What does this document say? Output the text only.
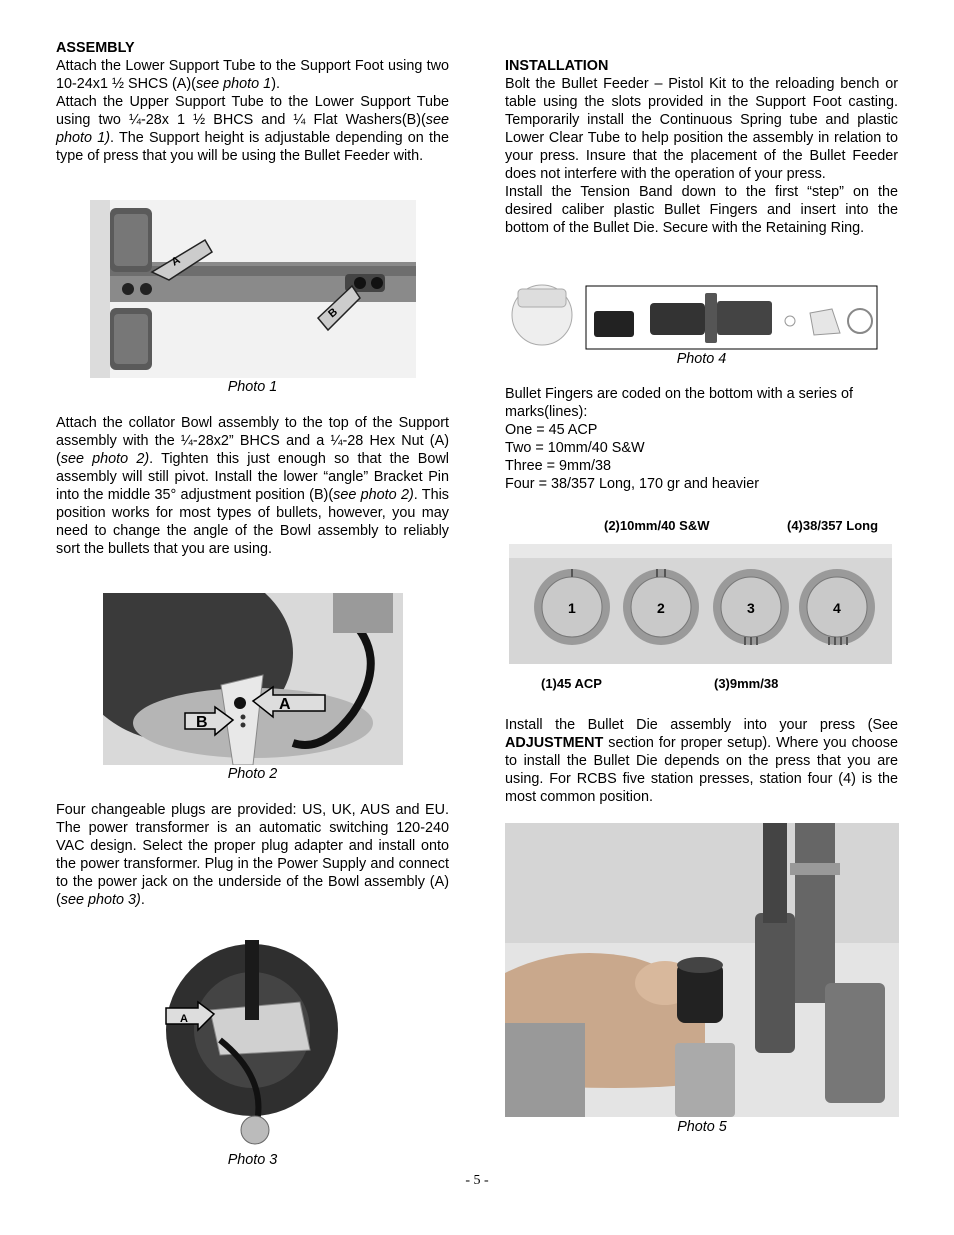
ASSEMBLY

Attach the Lower Support Tube to the Support Foot using two 10-24x1 ½ SHCS (A)(see photo 1).
Attach the Upper Support Tube to the Lower Support Tube using two ¼-28x 1 ½ BHCS and ¼ Flat Washers(B)(see photo 1). The Support height is adjustable depending on the type of press that you will be using the Bullet Feeder with.

A
B
Photo 1

Attach the collator Bowl assembly to the top of the Support assembly with the ¼-28x2” BHCS and a ¼-28 Hex Nut (A)(see photo 2). Tighten this just enough so that the Bowl assembly will still pivot. Install the lower “angle” Bracket Pin into the middle 35° adjustment position (B)(see photo 2). This position works for most types of bullets, however, you may need to change the angle of the Bowl assembly to reliably sort the bullets that you are using.

A
B
Photo 2

Four changeable plugs are provided: US, UK, AUS and EU. The power transformer is an automatic switching 120-240 VAC design. Select the proper plug adapter and install onto the power transformer. Plug in the Power Supply and connect to the power jack on the underside of the Bowl assembly (A)(see photo 3).

A
Photo 3
INSTALLATION

Bolt the Bullet Feeder – Pistol Kit to the reloading bench or table using the slots provided in the Support Foot casting. Temporarily install the Continuous Spring tube and plastic Lower Clear Tube to help position the assembly in relation to your press. Insure that the placement of the Bullet Feeder does not interfere with the operation of your press.
Install the Tension Band down to the first “step” on the desired caliber plastic Bullet Fingers and insert into the bottom of the Bullet Die. Secure with the Retaining Ring.

Photo 4

Bullet Fingers are coded on the bottom with a series of marks(lines):

One = 45 ACP
Two = 10mm/40 S&W
Three = 9mm/38
Four = 38/357 Long, 170 gr and heavier
(2)10mm/40 S&W	(4)38/357 Long
1	2	3	4
(1)45 ACP	(3)9mm/38

Install the Bullet Die assembly into your press (See ADJUSTMENT section for proper setup). Where you choose to install the Bullet Die depends on the press that you are using. For RCBS five station presses, station four (4) is the most common position.

Photo 5
- 5 -
